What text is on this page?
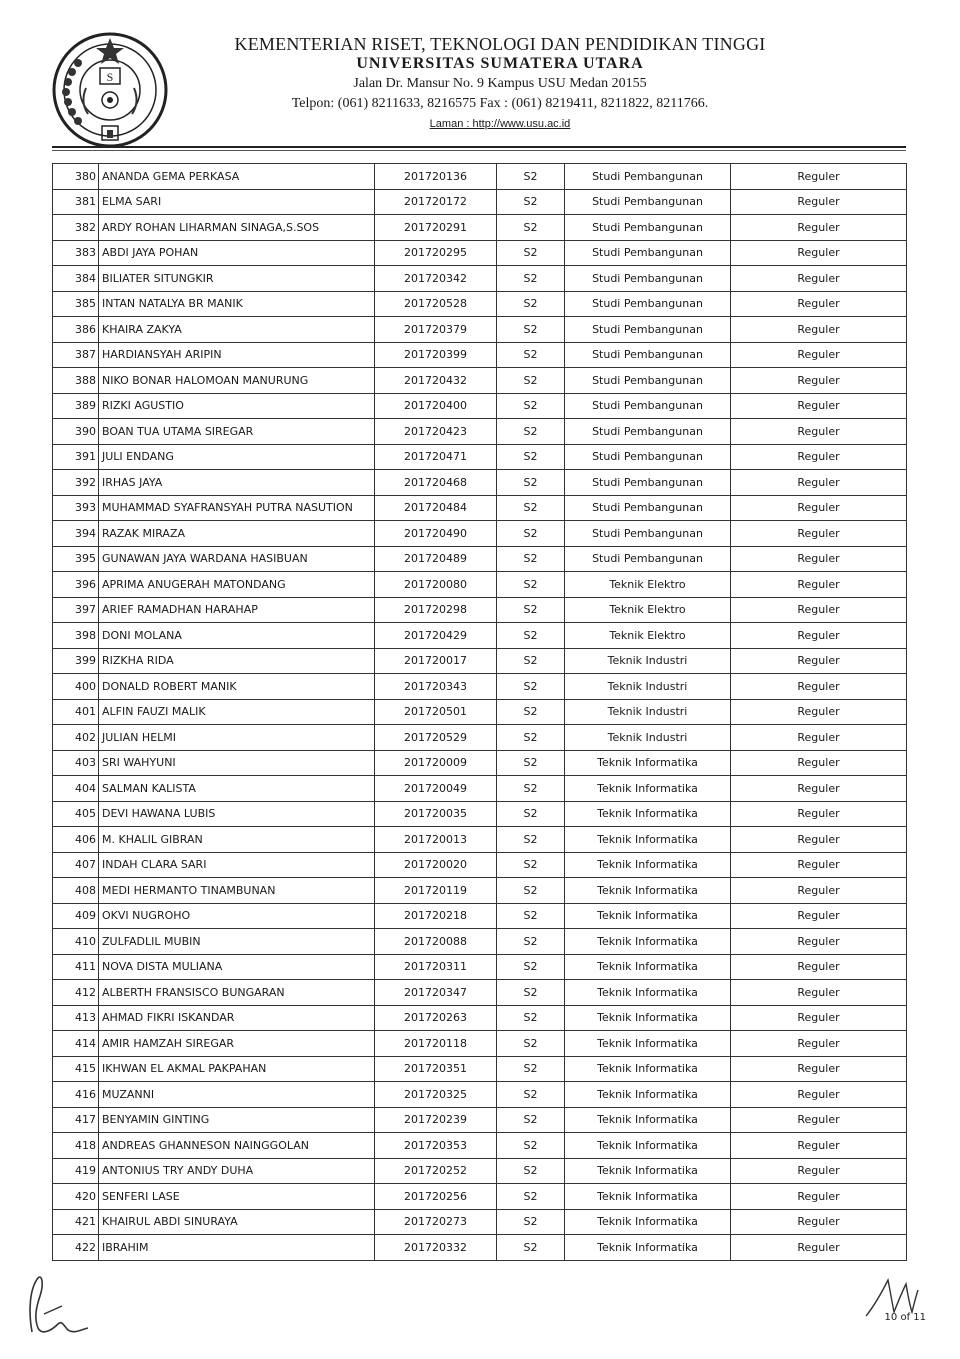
S
KEMENTERIAN RISET, TEKNOLOGI DAN PENDIDIKAN TINGGI
UNIVERSITAS SUMATERA UTARA
Jalan Dr. Mansur No. 9 Kampus USU Medan 20155
Telpon: (061) 8211633, 8216575 Fax : (061) 8219411, 8211822, 8211766.
Laman : http://www.usu.ac.id
380	ANANDA GEMA PERKASA	201720136	S2	Studi Pembangunan	Reguler
381	ELMA SARI	201720172	S2	Studi Pembangunan	Reguler
382	ARDY ROHAN LIHARMAN SINAGA,S.SOS	201720291	S2	Studi Pembangunan	Reguler
383	ABDI JAYA POHAN	201720295	S2	Studi Pembangunan	Reguler
384	BILIATER SITUNGKIR	201720342	S2	Studi Pembangunan	Reguler
385	INTAN NATALYA BR MANIK	201720528	S2	Studi Pembangunan	Reguler
386	KHAIRA ZAKYA	201720379	S2	Studi Pembangunan	Reguler
387	HARDIANSYAH ARIPIN	201720399	S2	Studi Pembangunan	Reguler
388	NIKO BONAR HALOMOAN MANURUNG	201720432	S2	Studi Pembangunan	Reguler
389	RIZKI AGUSTIO	201720400	S2	Studi Pembangunan	Reguler
390	BOAN TUA UTAMA SIREGAR	201720423	S2	Studi Pembangunan	Reguler
391	JULI ENDANG	201720471	S2	Studi Pembangunan	Reguler
392	IRHAS JAYA	201720468	S2	Studi Pembangunan	Reguler
393	MUHAMMAD SYAFRANSYAH PUTRA NASUTION	201720484	S2	Studi Pembangunan	Reguler
394	RAZAK MIRAZA	201720490	S2	Studi Pembangunan	Reguler
395	GUNAWAN JAYA WARDANA HASIBUAN	201720489	S2	Studi Pembangunan	Reguler
396	APRIMA ANUGERAH MATONDANG	201720080	S2	Teknik Elektro	Reguler
397	ARIEF RAMADHAN HARAHAP	201720298	S2	Teknik Elektro	Reguler
398	DONI MOLANA	201720429	S2	Teknik Elektro	Reguler
399	RIZKHA RIDA	201720017	S2	Teknik Industri	Reguler
400	DONALD ROBERT MANIK	201720343	S2	Teknik Industri	Reguler
401	ALFIN FAUZI MALIK	201720501	S2	Teknik Industri	Reguler
402	JULIAN HELMI	201720529	S2	Teknik Industri	Reguler
403	SRI WAHYUNI	201720009	S2	Teknik Informatika	Reguler
404	SALMAN KALISTA	201720049	S2	Teknik Informatika	Reguler
405	DEVI HAWANA LUBIS	201720035	S2	Teknik Informatika	Reguler
406	M. KHALIL GIBRAN	201720013	S2	Teknik Informatika	Reguler
407	INDAH CLARA SARI	201720020	S2	Teknik Informatika	Reguler
408	MEDI HERMANTO TINAMBUNAN	201720119	S2	Teknik Informatika	Reguler
409	OKVI NUGROHO	201720218	S2	Teknik Informatika	Reguler
410	ZULFADLIL MUBIN	201720088	S2	Teknik Informatika	Reguler
411	NOVA DISTA MULIANA	201720311	S2	Teknik Informatika	Reguler
412	ALBERTH FRANSISCO BUNGARAN	201720347	S2	Teknik Informatika	Reguler
413	AHMAD FIKRI ISKANDAR	201720263	S2	Teknik Informatika	Reguler
414	AMIR HAMZAH SIREGAR	201720118	S2	Teknik Informatika	Reguler
415	IKHWAN EL AKMAL PAKPAHAN	201720351	S2	Teknik Informatika	Reguler
416	MUZANNI	201720325	S2	Teknik Informatika	Reguler
417	BENYAMIN GINTING	201720239	S2	Teknik Informatika	Reguler
418	ANDREAS GHANNESON NAINGGOLAN	201720353	S2	Teknik Informatika	Reguler
419	ANTONIUS TRY ANDY DUHA	201720252	S2	Teknik Informatika	Reguler
420	SENFERI LASE	201720256	S2	Teknik Informatika	Reguler
421	KHAIRUL ABDI SINURAYA	201720273	S2	Teknik Informatika	Reguler
422	IBRAHIM	201720332	S2	Teknik Informatika	Reguler
10 of 11
